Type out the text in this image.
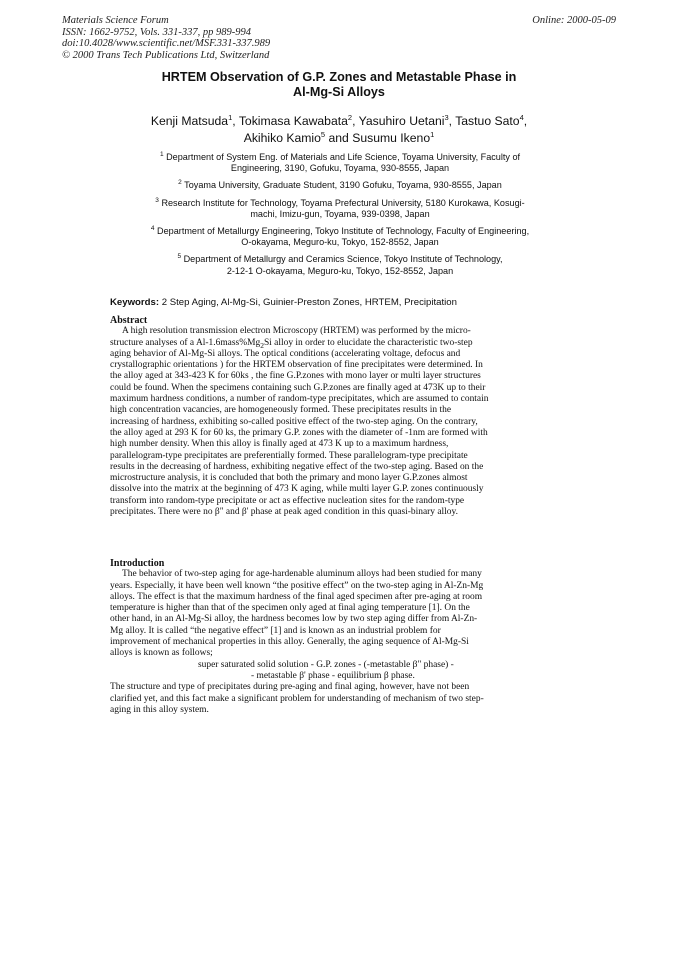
Materials Science Forum
ISSN: 1662-9752, Vols. 331-337, pp 989-994
doi:10.4028/www.scientific.net/MSF.331-337.989
© 2000 Trans Tech Publications Ltd, Switzerland
Online: 2000-05-09
HRTEM Observation of G.P. Zones and Metastable Phase in
Al-Mg-Si Alloys
Kenji Matsuda$^1$, Tokimasa Kawabata$^2$, Yasuhiro Uetani$^3$, Tastuo Sato$^4$,
Akihiko Kamio$^5$ and Susumu Ikeno$^1$
$^1$ Department of System Eng. of Materials and Life Science, Toyama University, Faculty of
Engineering, 3190, Gofuku, Toyama, 930-8555, Japan
$^2$ Toyama University, Graduate Student, 3190 Gofuku, Toyama, 930-8555, Japan
$^3$ Research Institute for Technology, Toyama Prefectural University, 5180 Kurokawa, Kosugi-
machi, Imizu-gun, Toyama, 939-0398, Japan
$^4$ Department of Metallurgy Engineering, Tokyo Institute of Technology, Faculty of Engineering,
O-okayama, Meguro-ku, Tokyo, 152-8552, Japan
$^5$ Department of Metallurgy and Ceramics Science, Tokyo Institute of Technology,
2-12-1 O-okayama, Meguro-ku, Tokyo, 152-8552, Japan
Keywords: 2 Step Aging, Al-Mg-Si, Guinier-Preston Zones, HRTEM, Precipitation
Abstract
A high resolution transmission electron Microscopy (HRTEM) was performed by the micro-
structure analyses of a $Al-1.6mass\%Mg_2Si$ alloy in order to elucidate the characteristic two-step
aging behavior of Al-Mg-Si alloys. The optical conditions (accelerating voltage, defocus and
crystallographic orientations ) for the HRTEM observation of fine precipitates were determined. In
the alloy aged at 343-423 K for 60ks , the fine G.P.zones with mono layer or multi layer structures
could be found. When the specimens containing such G.P.zones are finally aged at 473K up to their
maximum hardness conditions, a number of random-type precipitates, which are assumed to contain
high concentration vacancies, are homogeneously formed. These precipitates results in the
increasing of hardness, exhibiting so-called positive effect of the two-step aging. On the contrary,
the alloy aged at 293 K for 60 ks, the primary G.P. zones with the diameter of -1nm are formed with
high number density. When this alloy is finally aged at 473 K up to a maximum hardness,
parallelogram-type precipitates are preferentially formed. These parallelogram-type precipitate
results in the decreasing of hardness, exhibiting negative effect of the two-step aging. Based on the
microstructure analysis, it is concluded that both the primary and mono layer G.P.zones almost
dissolve into the matrix at the beginning of 473 K aging, while multi layer G.P. zones continuously
transform into random-type precipitate or act as effective nucleation sites for the random-type
precipitates. There were no β" and β' phase at peak aged condition in this quasi-binary alloy.
Introduction
The behavior of two-step aging for age-hardenable aluminum alloys had been studied for many
years. Especially, it have been well known “the positive effect” on the two-step aging in Al-Zn-Mg
alloys. The effect is that the maximum hardness of the final aged specimen after pre-aging at room
temperature is higher than that of the specimen only aged at final aging temperature [1]. On the
other hand, in an Al-Mg-Si alloy, the hardness becomes low by two step aging differ from Al-Zn-
Mg alloy. It is called “the negative effect” [1] and is known as an industrial problem for
improvement of mechanical properties in this alloy. Generally, the aging sequence of Al-Mg-Si
alloys is known as follows;
super saturated solid solution - G.P. zones - (-metastable β" phase) -
- metastable β' phase - equilibrium β phase.
The structure and type of precipitates during pre-aging and final aging, however, have not been
clarified yet, and this fact make a significant problem for understanding of mechanism of two step-
aging in this alloy system.
